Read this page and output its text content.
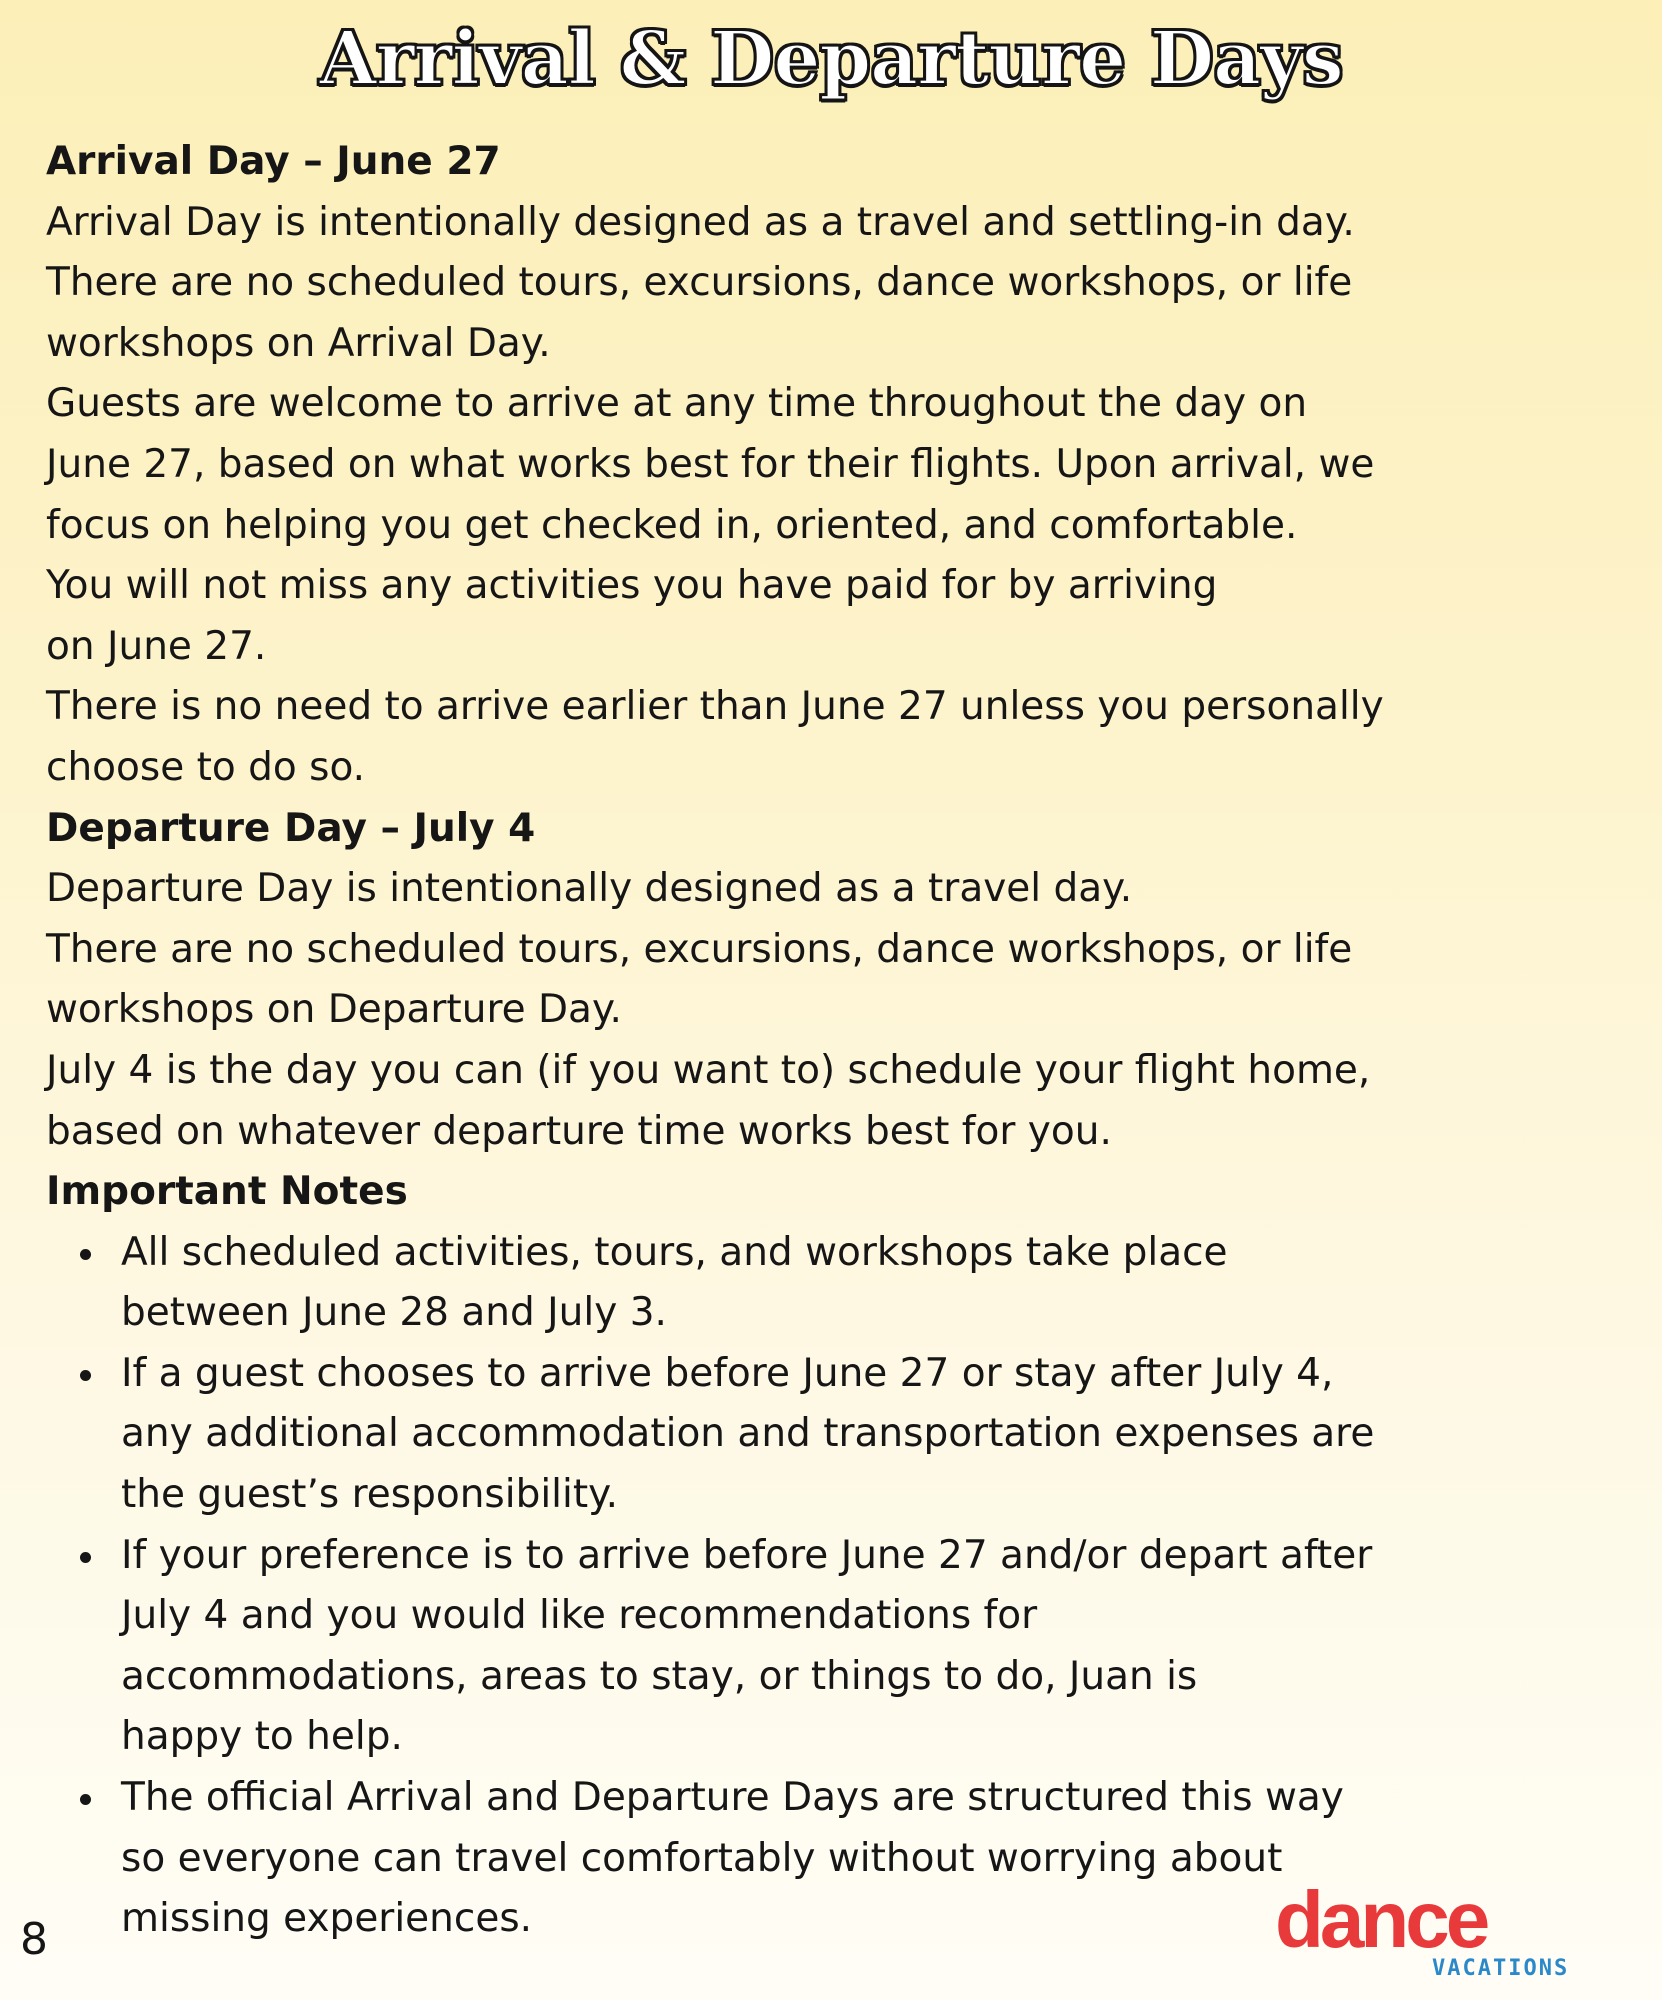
Arrival & Departure Days
Arrival Day – June 27
Arrival Day is intentionally designed as a travel and settling-in day.
There are no scheduled tours, excursions, dance workshops, or life
workshops on Arrival Day.
Guests are welcome to arrive at any time throughout the day on
June 27, based on what works best for their flights. Upon arrival, we
focus on helping you get checked in, oriented, and comfortable.
You will not miss any activities you have paid for by arriving
on June 27.
There is no need to arrive earlier than June 27 unless you personally
choose to do so.
Departure Day – July 4
Departure Day is intentionally designed as a travel day.
There are no scheduled tours, excursions, dance workshops, or life
workshops on Departure Day.
July 4 is the day you can (if you want to) schedule your flight home,
based on whatever departure time works best for you.
Important Notes
All scheduled activities, tours, and workshops take place
between June 28 and July 3.
If a guest chooses to arrive before June 27 or stay after July 4,
any additional accommodation and transportation expenses are
the guest’s responsibility.
If your preference is to arrive before June 27 and/or depart after
July 4 and you would like recommendations for
accommodations, areas to stay, or things to do, Juan is
happy to help.
The official Arrival and Departure Days are structured this way
so everyone can travel comfortably without worrying about
missing experiences.
8	dance
VACATIONS
